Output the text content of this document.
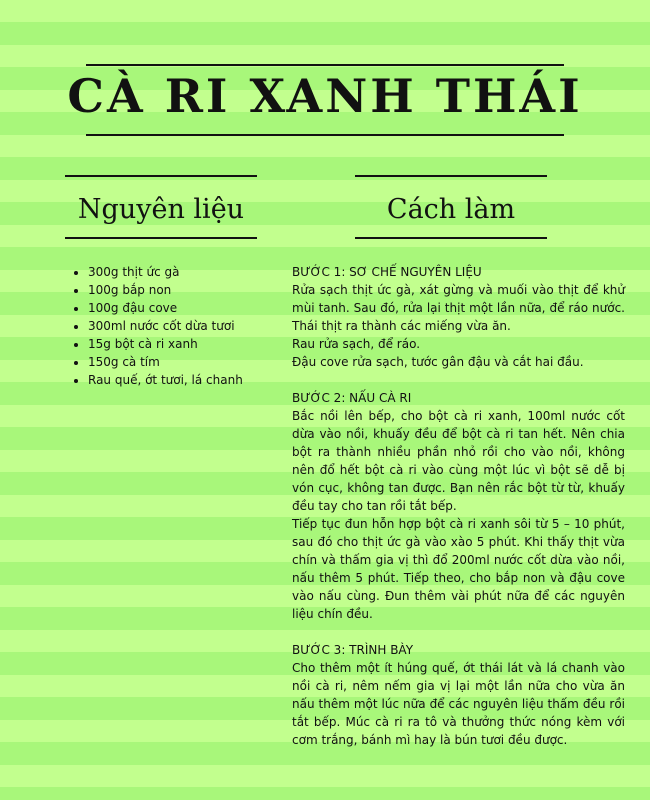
CÀ RI XANH THÁI
Nguyên liệu	Cách làm
• 300g thịt ức gà
• 100g bắp non
• 100g đậu cove
• 300ml nước cốt dừa tươi
• 15g bột cà ri xanh
• 150g cà tím
• Rau quế, ớt tươi, lá chanh
BƯỚC 1: SƠ CHẾ NGUYÊN LIỆU
Rửa sạch thịt ức gà, xát gừng và muối vào thịt để khử mùi tanh. Sau đó, rửa lại thịt một lần nữa, để ráo nước. Thái thịt ra thành các miếng vừa ăn.
Rau rửa sạch, để ráo.
Đậu cove rửa sạch, tước gân đậu và cắt hai đầu.
BƯỚC 2: NẤU CÀ RI
Bắc nồi lên bếp, cho bột cà ri xanh, 100ml nước cốt dừa vào nồi, khuấy đều để bột cà ri tan hết. Nên chia bột ra thành nhiều phần nhỏ rồi cho vào nồi, không nên đổ hết bột cà ri vào cùng một lúc vì bột sẽ dễ bị vón cục, không tan được. Bạn nên rắc bột từ từ, khuấy đều tay cho tan rồi tắt bếp.
Tiếp tục đun hỗn hợp bột cà ri xanh sôi từ 5 – 10 phút, sau đó cho thịt ức gà vào xào 5 phút. Khi thấy thịt vừa chín và thấm gia vị thì đổ 200ml nước cốt dừa vào nồi, nấu thêm 5 phút. Tiếp theo, cho bắp non và đậu cove vào nấu cùng. Đun thêm vài phút nữa để các nguyên liệu chín đều.
BƯỚC 3: TRÌNH BÀY
Cho thêm một ít húng quế, ớt thái lát và lá chanh vào nồi cà ri, nêm nếm gia vị lại một lần nữa cho vừa ăn nấu thêm một lúc nữa để các nguyên liệu thấm đều rồi tắt bếp. Múc cà ri ra tô và thưởng thức nóng kèm với cơm trắng, bánh mì hay là bún tươi đều được.
